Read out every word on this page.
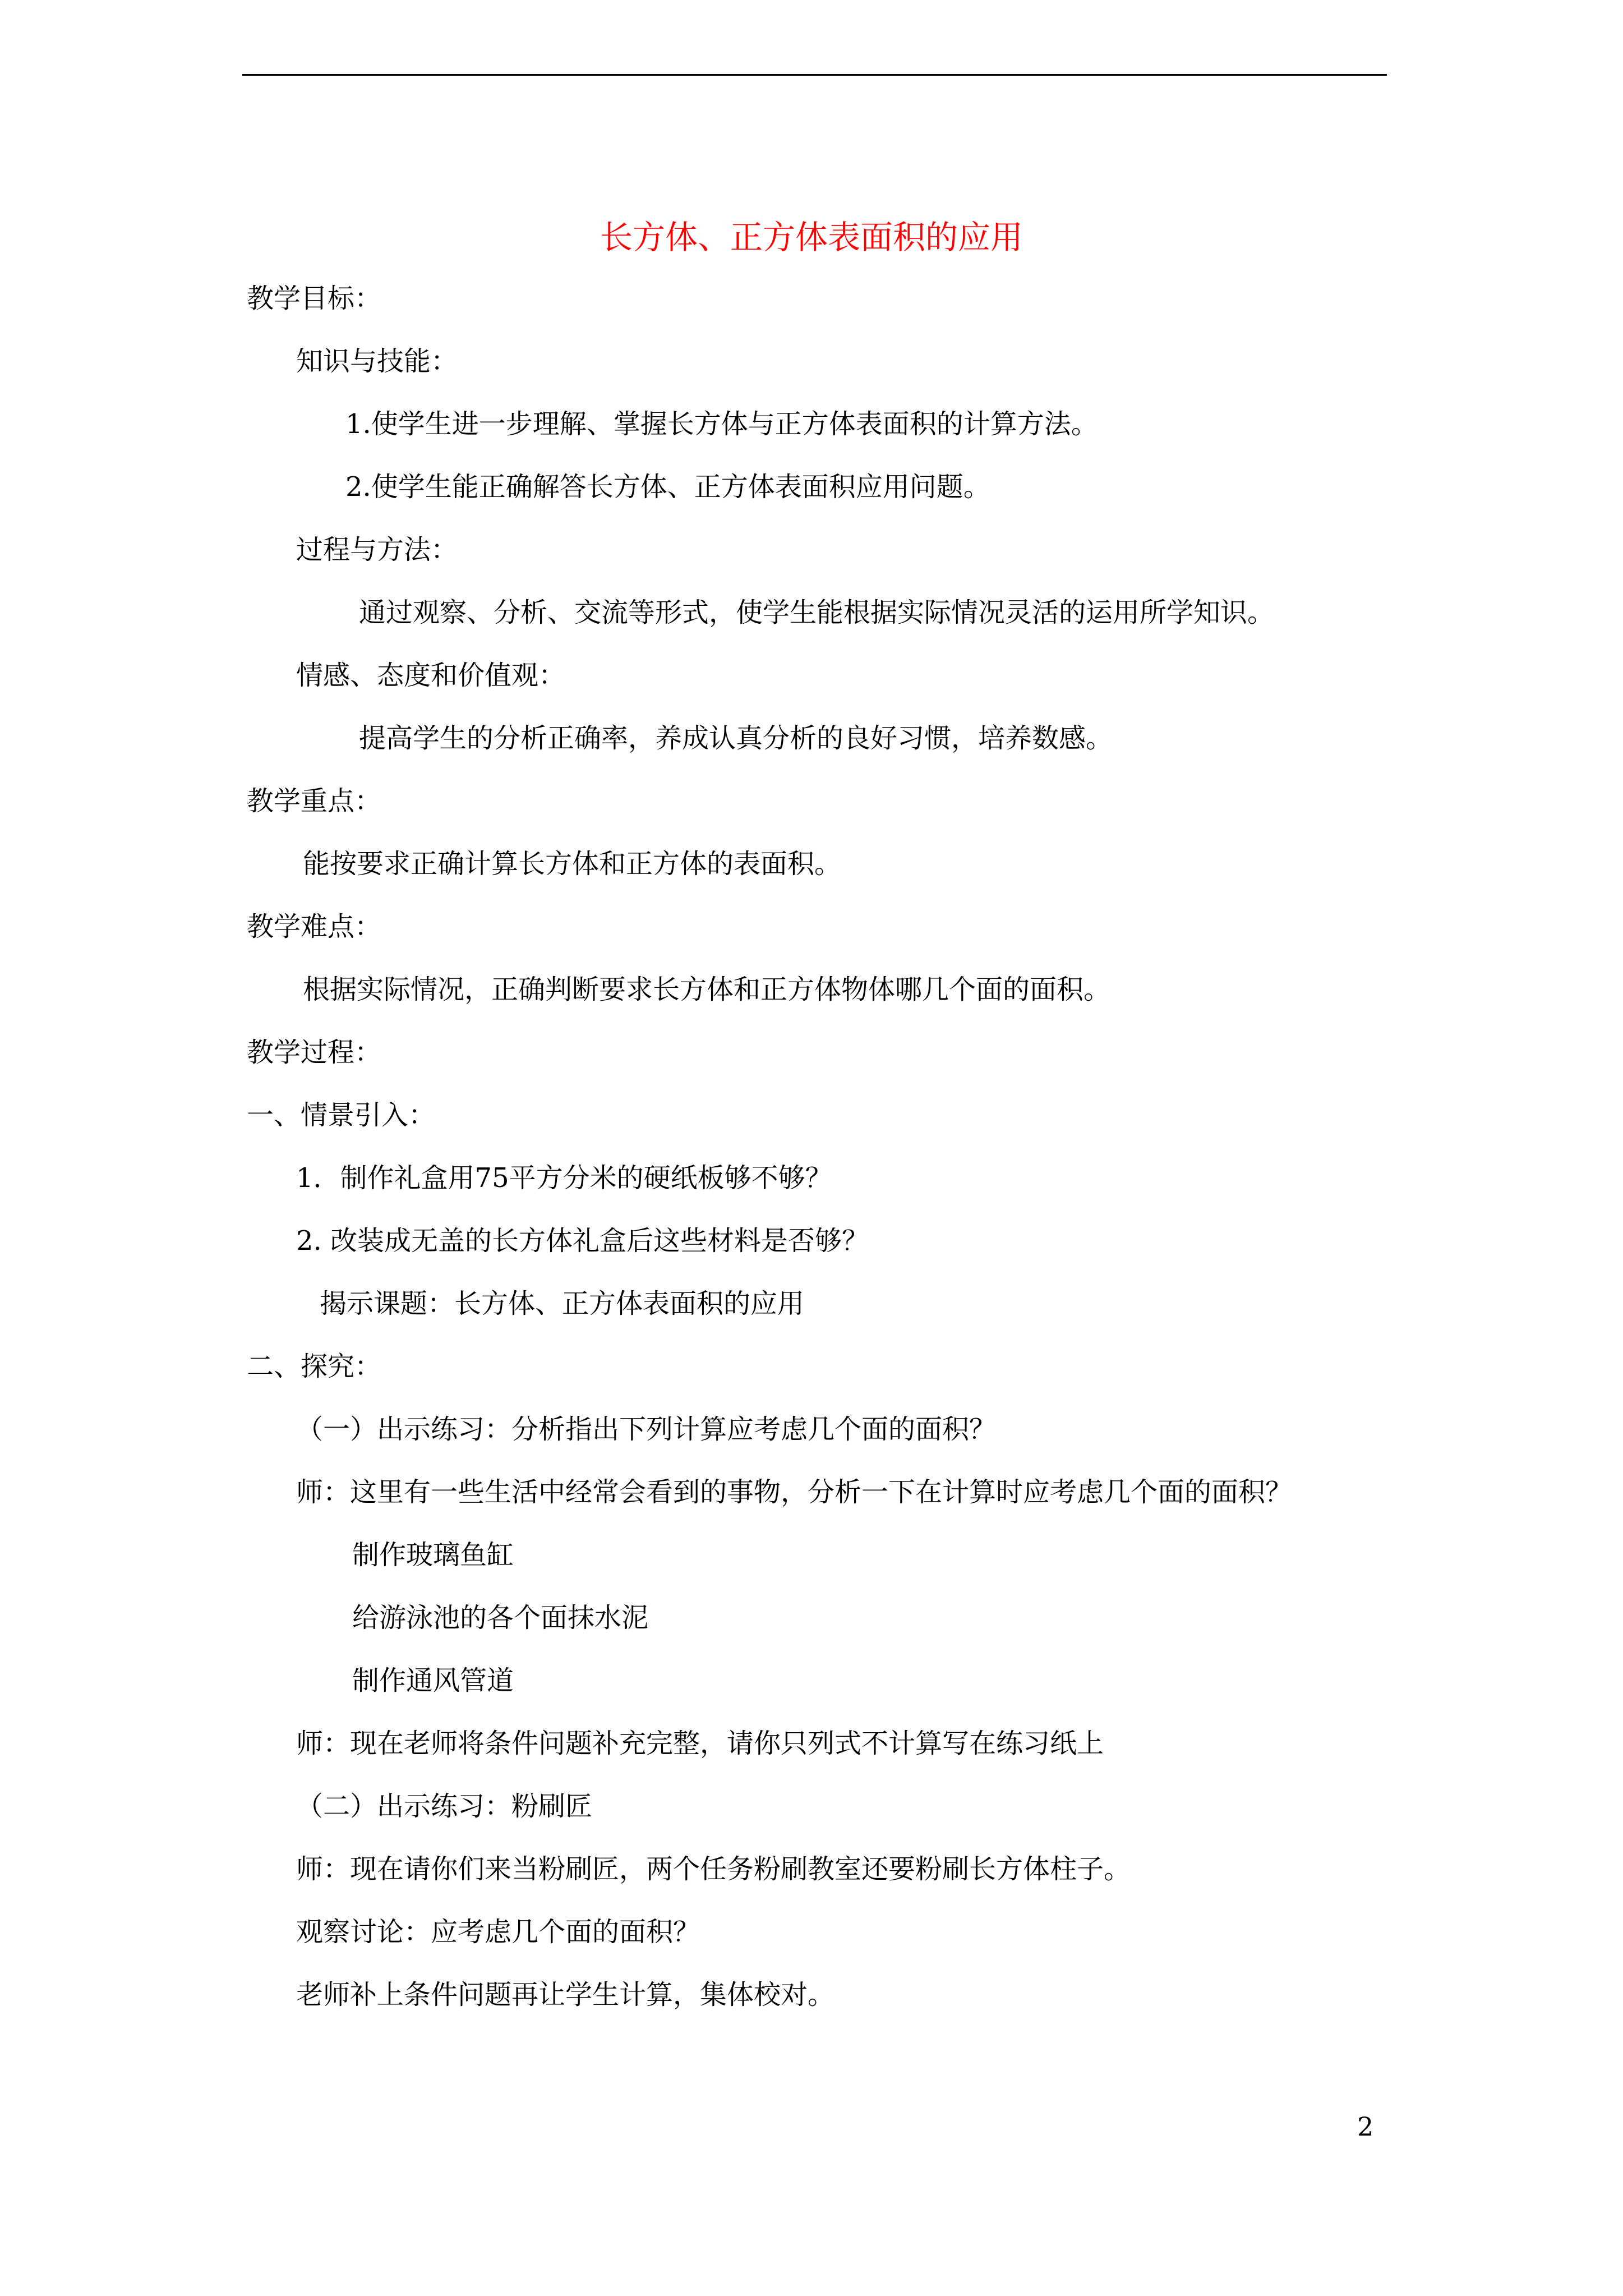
长方体、正方体表面积的应用
教学目标：
知识与技能：
1.使学生进一步理解、掌握长方体与正方体表面积的计算方法。
2.使学生能正确解答长方体、正方体表面积应用问题。
过程与方法：
通过观察、分析、交流等形式，使学生能根据实际情况灵活的运用所学知识。
情感、态度和价值观：
提高学生的分析正确率，养成认真分析的良好习惯，培养数感。
教学重点：
能按要求正确计算长方体和正方体的表面积。
教学难点：
根据实际情况，正确判断要求长方体和正方体物体哪几个面的面积。
教学过程：
一、情景引入：
1．制作礼盒用75平方分米的硬纸板够不够？
2. 改装成无盖的长方体礼盒后这些材料是否够？
揭示课题：长方体、正方体表面积的应用
二、探究：
（一）出示练习：分析指出下列计算应考虑几个面的面积？
师：这里有一些生活中经常会看到的事物，分析一下在计算时应考虑几个面的面积？
制作玻璃鱼缸
给游泳池的各个面抹水泥
制作通风管道
师：现在老师将条件问题补充完整，请你只列式不计算写在练习纸上
（二）出示练习：粉刷匠
师：现在请你们来当粉刷匠，两个任务粉刷教室还要粉刷长方体柱子。
观察讨论：应考虑几个面的面积？
老师补上条件问题再让学生计算，集体校对。
2
